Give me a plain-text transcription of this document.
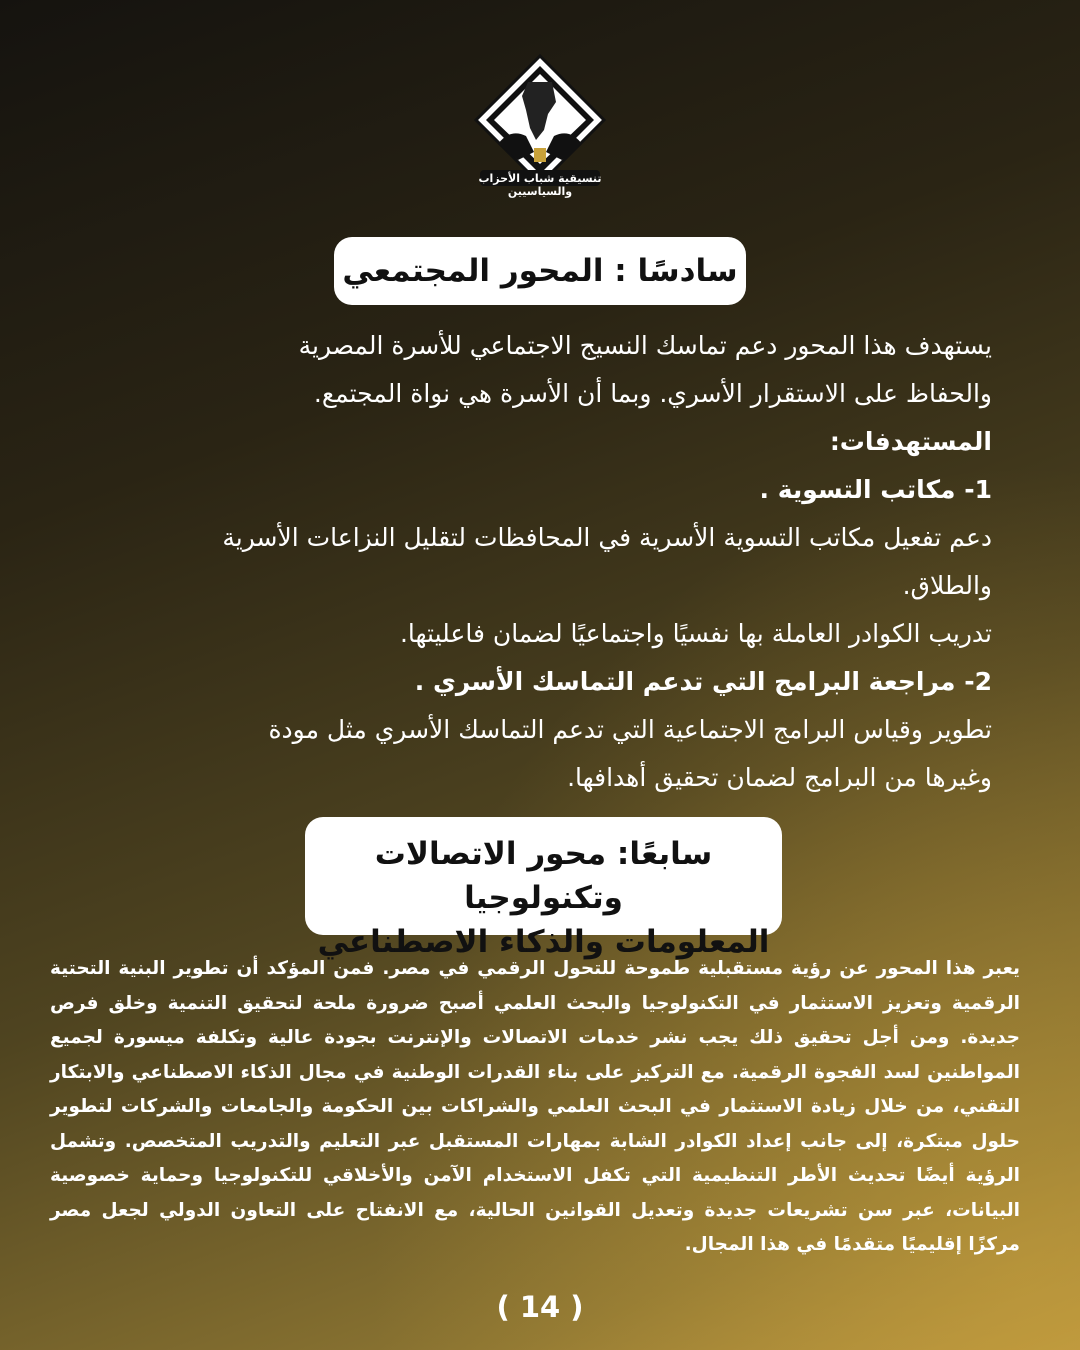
تنسيقية شباب الأحزاب والسياسيين
سادسًا : المحور المجتمعي

يستهدف هذا المحور دعم تماسك النسيج الاجتماعي للأسرة المصرية

والحفاظ على الاستقرار الأسري. وبما أن الأسرة هي نواة المجتمع.

المستهدفات:

1- مكاتب التسوية .

دعم تفعيل مكاتب التسوية الأسرية في المحافظات لتقليل النزاعات الأسرية

والطلاق.

تدريب الكوادر العاملة بها نفسيًا واجتماعيًا لضمان فاعليتها.

2- مراجعة البرامج التي تدعم التماسك الأسري .

تطوير وقياس البرامج الاجتماعية التي تدعم التماسك الأسري مثل مودة

وغيرها من البرامج لضمان تحقيق أهدافها.

سابعًا: محور الاتصالات وتكنولوجيا
المعلومات والذكاء الاصطناعي
يعبر هذا المحور عن رؤية مستقبلية طموحة للتحول الرقمي في مصر. فمن المؤكد أن تطوير البنية التحتية الرقمية وتعزيز الاستثمار في التكنولوجيا والبحث العلمي أصبح ضرورة ملحة لتحقيق التنمية وخلق فرص جديدة. ومن أجل تحقيق ذلك يجب نشر خدمات الاتصالات والإنترنت بجودة عالية وتكلفة ميسورة لجميع المواطنين لسد الفجوة الرقمية. مع التركيز على بناء القدرات الوطنية في مجال الذكاء الاصطناعي والابتكار التقني، من خلال زيادة الاستثمار في البحث العلمي والشراكات بين الحكومة والجامعات والشركات لتطوير حلول مبتكرة، إلى جانب إعداد الكوادر الشابة بمهارات المستقبل عبر التعليم والتدريب المتخصص. وتشمل الرؤية أيضًا تحديث الأطر التنظيمية التي تكفل الاستخدام الآمن والأخلاقي للتكنولوجيا وحماية خصوصية البيانات، عبر سن تشريعات جديدة وتعديل القوانين الحالية، مع الانفتاح على التعاون الدولي لجعل مصر مركزًا إقليميًا متقدمًا في هذا المجال.
( 14 )
